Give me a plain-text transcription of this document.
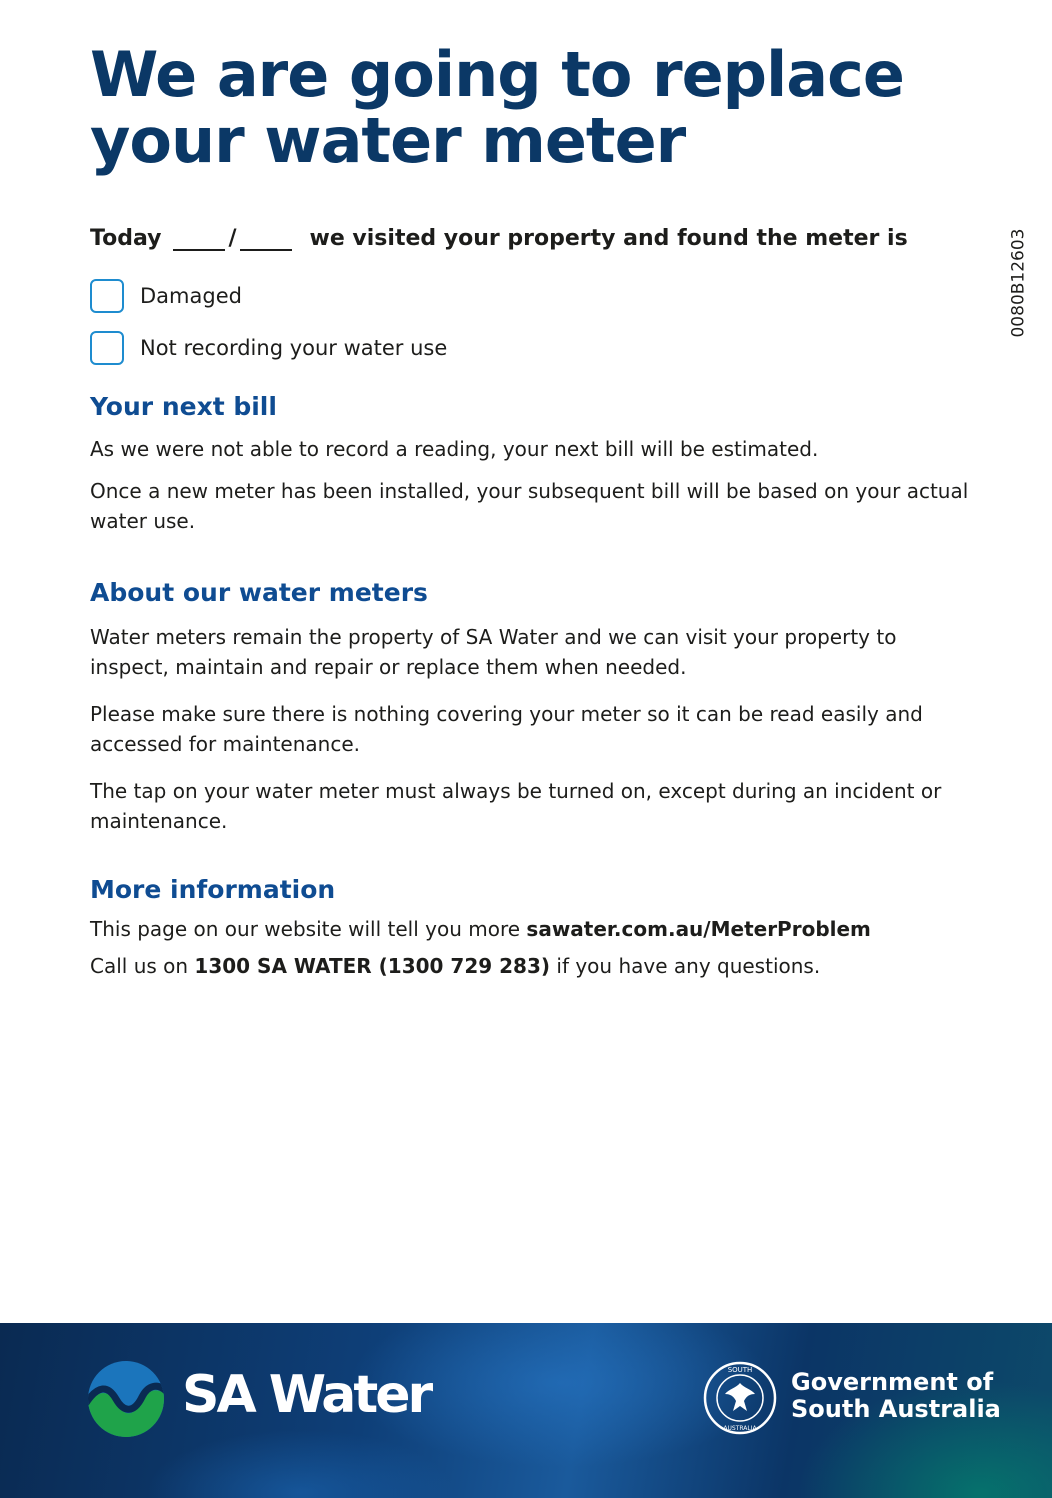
We are going to replace your water meter
0080B12603
Today	/	we visited your property and found the meter is
Damaged
Not recording your water use
Your next bill

As we were not able to record a reading, your next bill will be estimated.

Once a new meter has been installed, your subsequent bill will be based on your actual water use.

About our water meters

Water meters remain the property of SA Water and we can visit your property to inspect, maintain and repair or replace them when needed.

Please make sure there is nothing covering your meter so it can be read easily and accessed for maintenance.

The tap on your water meter must always be turned on, except during an incident or maintenance.

More information

This page on our website will tell you more sawater.com.au/MeterProblem

Call us on 1300 SA WATER (1300 729 283) if you have any questions.

SA Water	SOUTH
AUSTRALIA
Government of
South Australia
